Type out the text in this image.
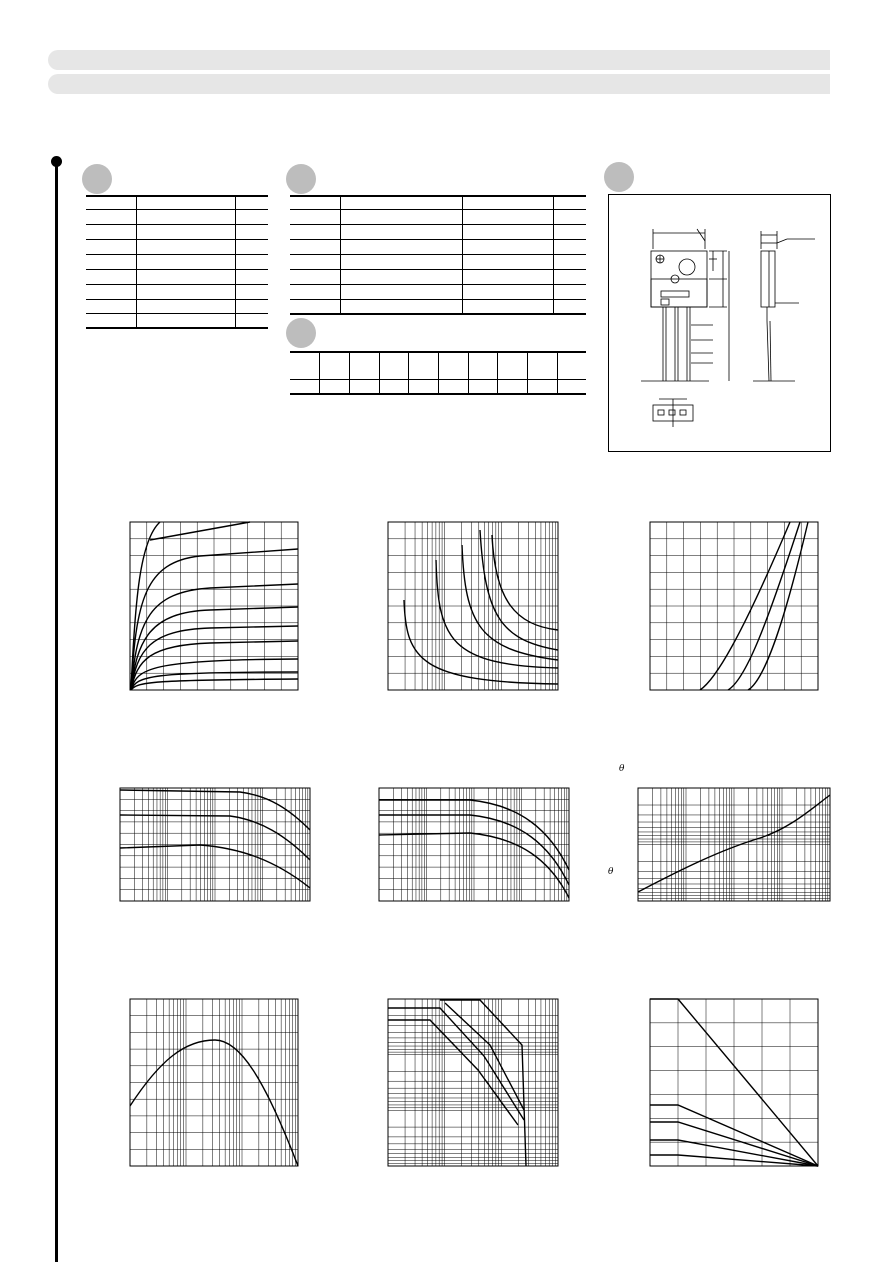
θ
θ
